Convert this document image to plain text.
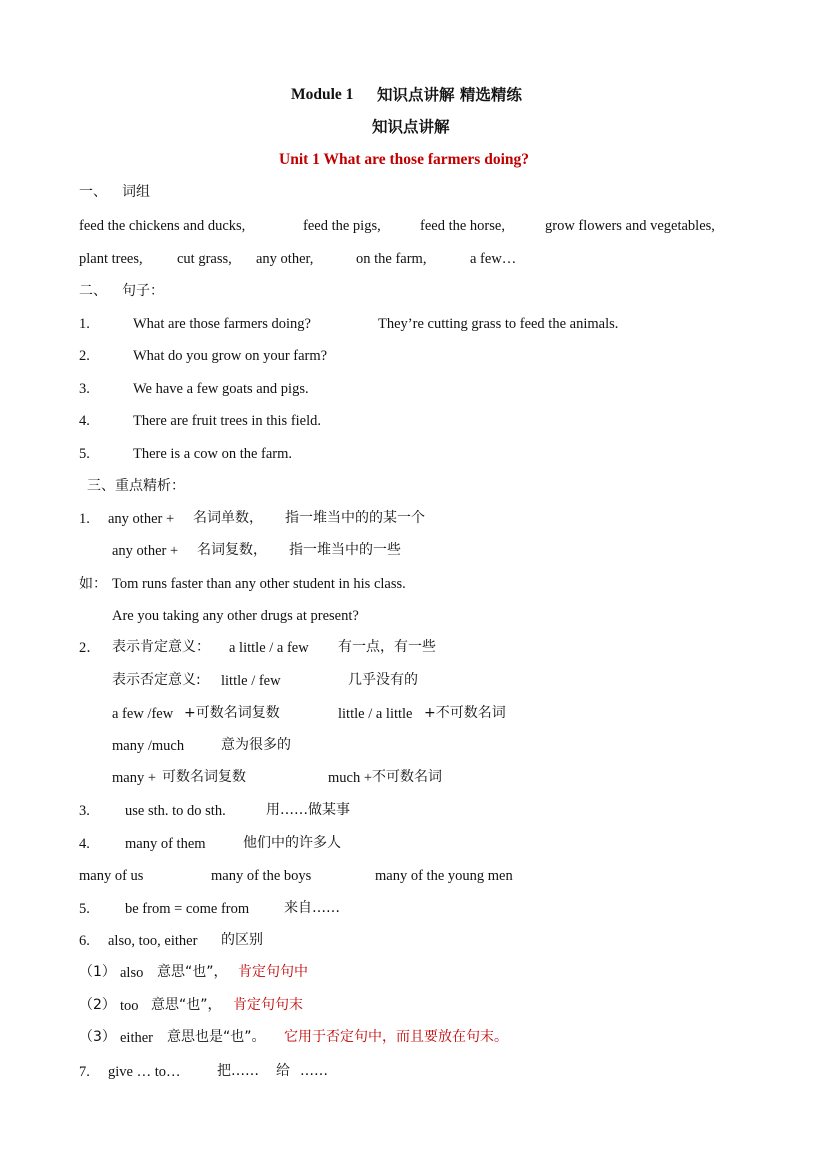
Module 1 知识点讲解 精选精练
知识点讲解
Unit 1 What are those farmers doing?
一、 词组
feed the chickens and ducks,	feed the pigs,	feed the horse,	grow flowers and vegetables,
plant trees, cut grass, any other,	on the farm,	a few…
二、 句子：
1.	What are those farmers doing?	They’re cutting grass to feed the animals.
2.	What do you grow on your farm?
3.	We have a few goats and pigs.
4.	There are fruit trees in this field.
5.	There is a cow on the farm.
三、重点精析：
1. any other + 名词单数， 指一堆当中的的某一个
any other + 名词复数， 指一堆当中的一些
如： Tom runs faster than any other student in his class.
Are you taking any other drugs at present?
2． 表示肯定意义： a little / a few 有一点，有一些
表示否定意义: little / few	几乎没有的
a few /few +可数名词复数	little / a little +不可数名词
many /much	意为很多的
many + 可数名词复数	much + 不可数名词
3. use sth. to do sth.	用……做某事
4. many of them	他们中的许多人
many of us	many of the boys	many of the young men
5. be from = come from 来自……
6. also, too, either 的区别
（1） also 意思“也”， 肯定句句中
（2） too 意思“也”， 肯定句句末
（3） either 意思也是“也”。 它用于否定句中，而且要放在句末。
7. give … to…	把…… 给 ……
